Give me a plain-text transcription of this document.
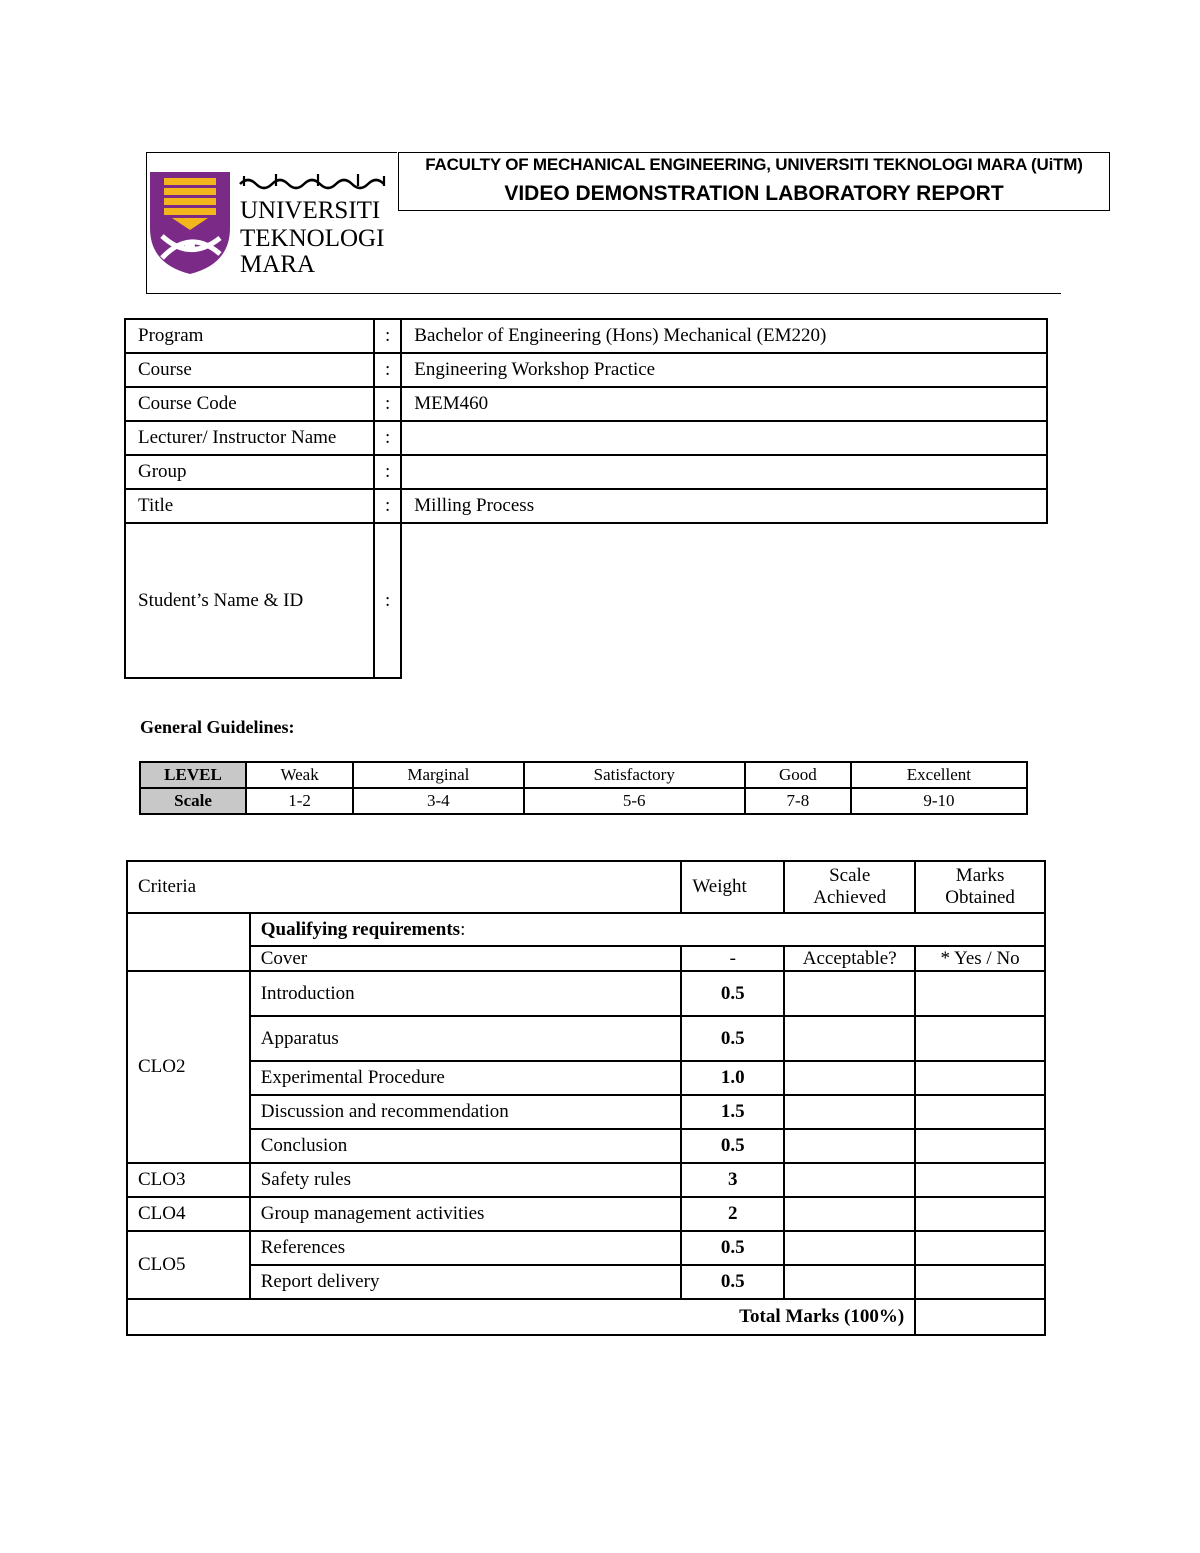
UNIVERSITI
TEKNOLOGI
MARA
FACULTY OF MECHANICAL ENGINEERING, UNIVERSITI TEKNOLOGI MARA (UiTM)
VIDEO DEMONSTRATION LABORATORY REPORT
Program	:	Bachelor of Engineering (Hons) Mechanical (EM220)
Course	:	Engineering Workshop Practice
Course Code	:	MEM460
Lecturer/ Instructor Name	:	
Group	:	
Title	:	Milling Process
Student’s Name & ID	:	
General Guidelines:
LEVEL	Weak	Marginal	Satisfactory	Good	Excellent
Scale	1-2	3-4	5-6	7-8	9-10
Criteria		Weight	Scale Achieved	Marks Obtained
	Qualifying requirements:			
	Cover	-	Acceptable?	* Yes / No
CLO2	Introduction	0.5		
	Apparatus	0.5		
	Experimental Procedure	1.0		
	Discussion and recommendation	1.5		
	Conclusion	0.5		
CLO3	Safety rules	3		
CLO4	Group management activities	2		
CLO5	References	0.5		
	Report delivery	0.5		
Total Marks (100%)				
